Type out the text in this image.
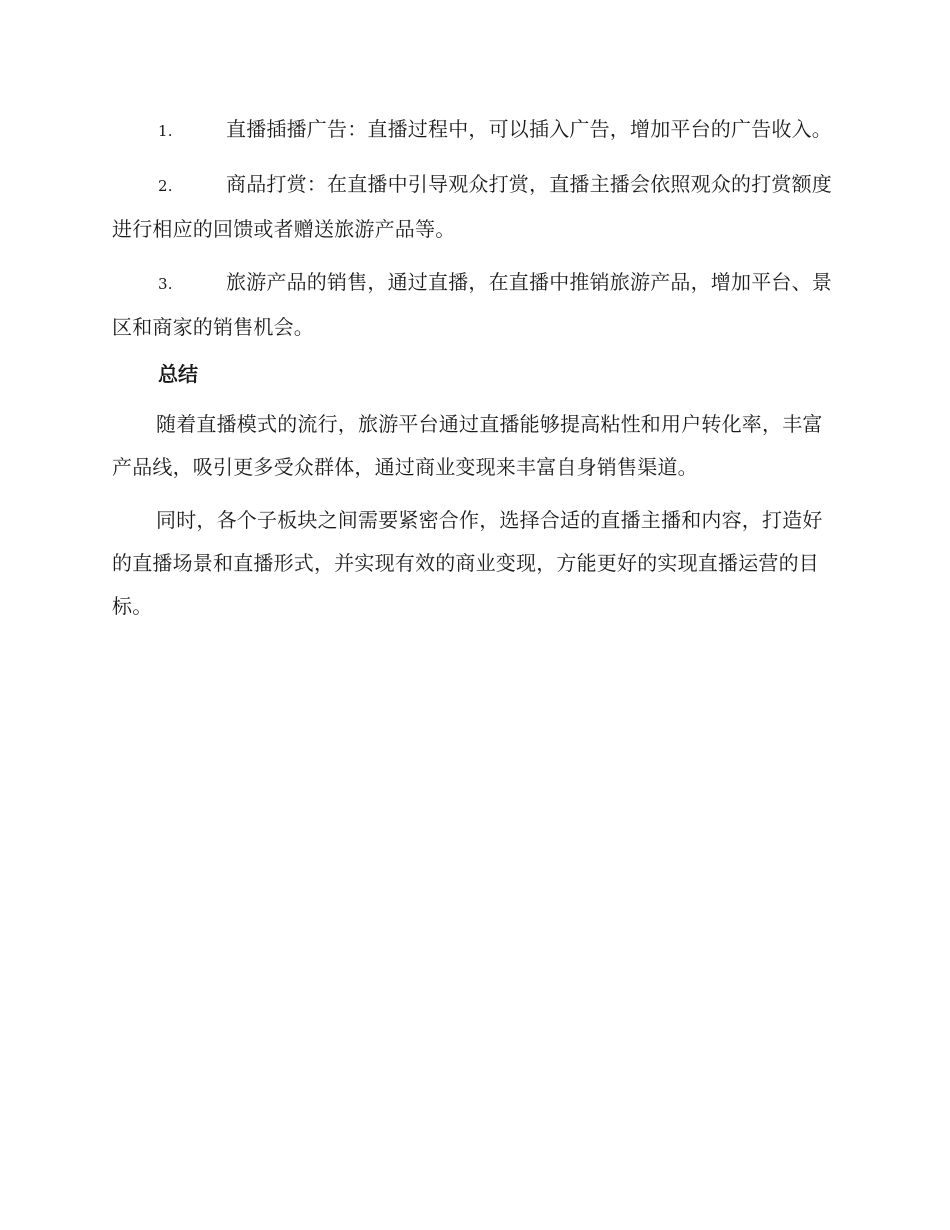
1.	直播插播广告：直播过程中，可以插入广告，增加平台的广告收入。
2.	商品打赏：在直播中引导观众打赏，直播主播会依照观众的打赏额度进行相应的回馈或者赠送旅游产品等。
3.	旅游产品的销售，通过直播，在直播中推销旅游产品，增加平台、景区和商家的销售机会。
总结

随着直播模式的流行，旅游平台通过直播能够提高粘性和用户转化率，丰富产品线，吸引更多受众群体，通过商业变现来丰富自身销售渠道。

同时，各个子板块之间需要紧密合作，选择合适的直播主播和内容，打造好的直播场景和直播形式，并实现有效的商业变现，方能更好的实现直播运营的目标。
